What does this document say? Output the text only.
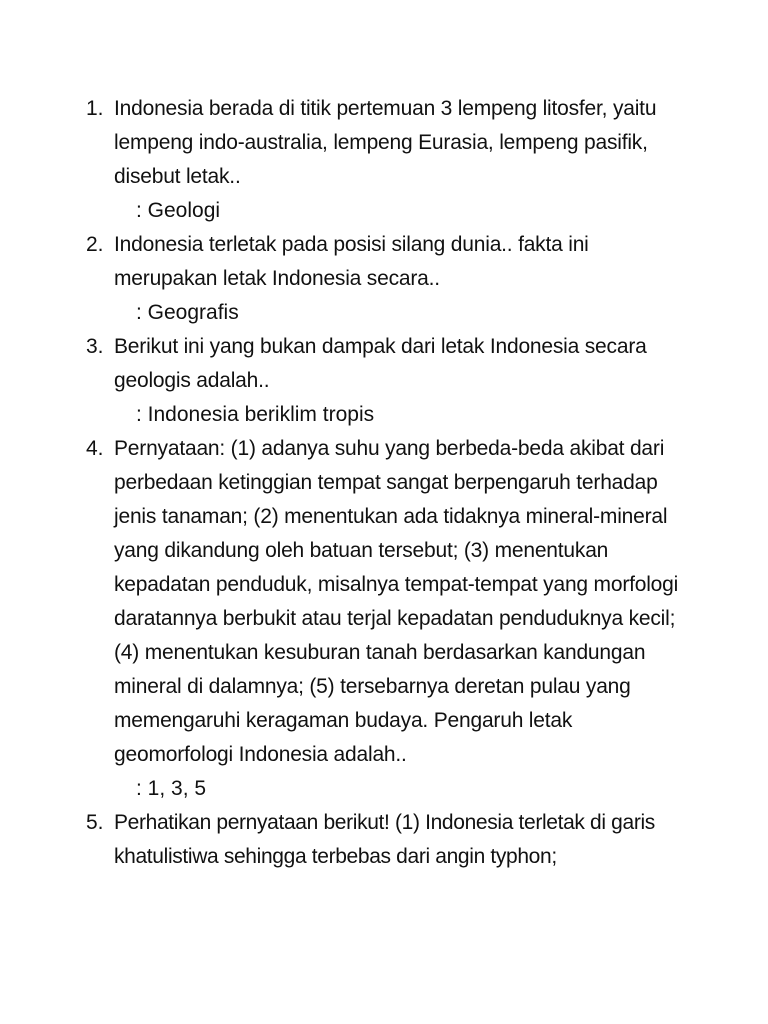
1. Indonesia berada di titik pertemuan 3 lempeng litosfer, yaitu lempeng indo-australia, lempeng Eurasia, lempeng pasifik, disebut letak..
: Geologi
2. Indonesia terletak pada posisi silang dunia.. fakta ini merupakan letak Indonesia secara..
: Geografis
3. Berikut ini yang bukan dampak dari letak Indonesia secara geologis adalah..
: Indonesia beriklim tropis
4. Pernyataan: (1) adanya suhu yang berbeda-beda akibat dari perbedaan ketinggian tempat sangat berpengaruh terhadap jenis tanaman; (2) menentukan ada tidaknya mineral-mineral yang dikandung oleh batuan tersebut; (3) menentukan kepadatan penduduk, misalnya tempat-tempat yang morfologi daratannya berbukit atau terjal kepadatan penduduknya kecil; (4) menentukan kesuburan tanah berdasarkan kandungan mineral di dalamnya; (5) tersebarnya deretan pulau yang memengaruhi keragaman budaya. Pengaruh letak geomorfologi Indonesia adalah..
: 1, 3, 5
5. Perhatikan pernyataan berikut! (1) Indonesia terletak di garis khatulistiwa sehingga terbebas dari angin typhon;
